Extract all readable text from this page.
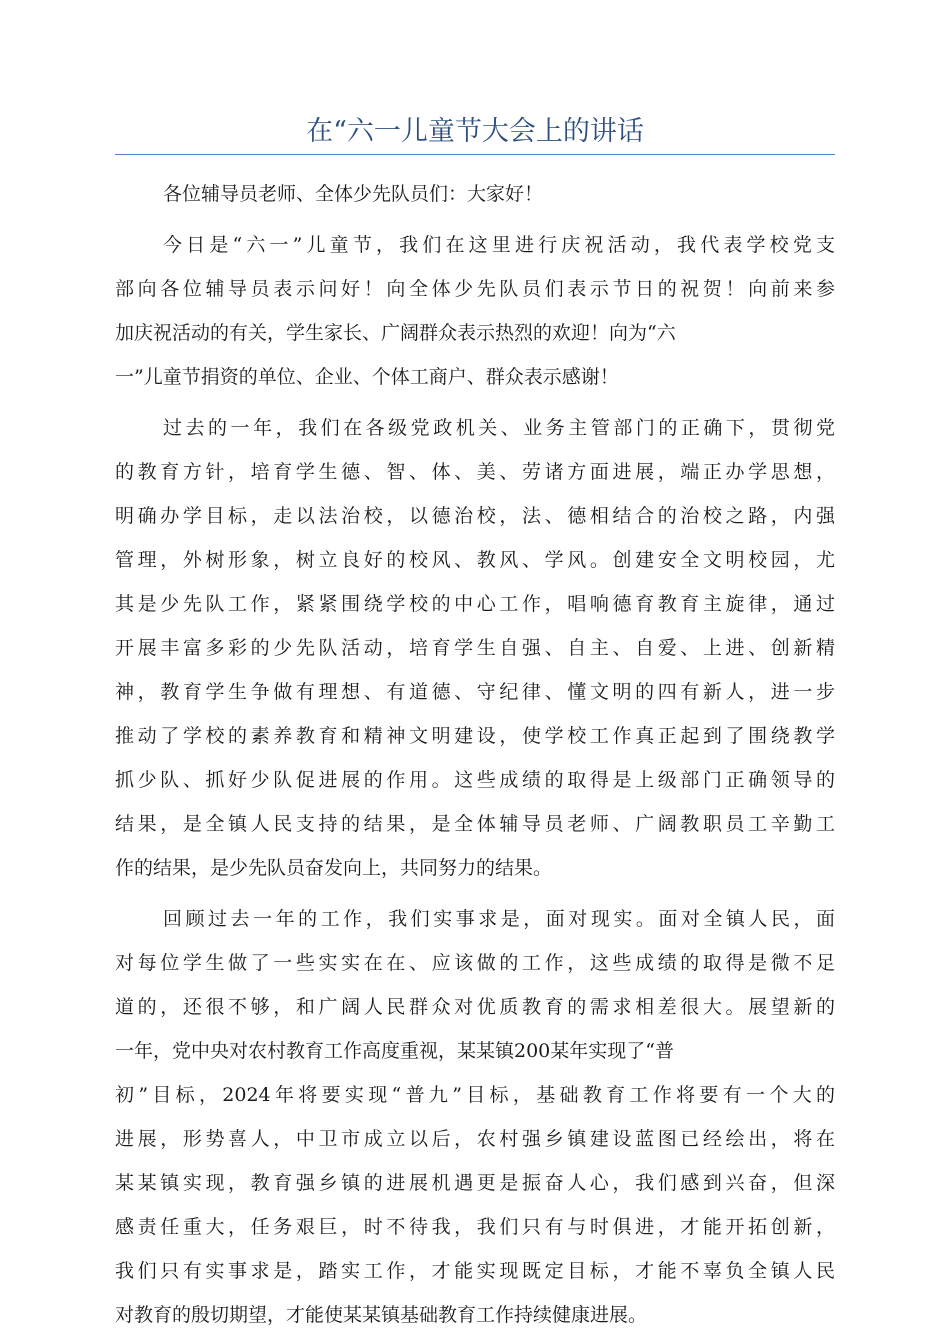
在“六一儿童节大会上的讲话

各位辅导员老师、全体少先队员们：大家好！

今日是“六一”儿童节，我们在这里进行庆祝活动，我代表学校党支
部向各位辅导员表示问好！向全体少先队员们表示节日的祝贺！向前来参
加庆祝活动的有关，学生家长、广阔群众表示热烈的欢迎！向为“六
一”儿童节捐资的单位、企业、个体工商户、群众表示感谢！

过去的一年，我们在各级党政机关、业务主管部门的正确下，贯彻党
的教育方针，培育学生德、智、体、美、劳诸方面进展，端正办学思想，
明确办学目标，走以法治校，以德治校，法、德相结合的治校之路，内强
管理，外树形象，树立良好的校风、教风、学风。创建安全文明校园，尤
其是少先队工作，紧紧围绕学校的中心工作，唱响德育教育主旋律，通过
开展丰富多彩的少先队活动，培育学生自强、自主、自爱、上进、创新精
神，教育学生争做有理想、有道德、守纪律、懂文明的四有新人，进一步
推动了学校的素养教育和精神文明建设，使学校工作真正起到了围绕教学
抓少队、抓好少队促进展的作用。这些成绩的取得是上级部门正确领导的
结果，是全镇人民支持的结果，是全体辅导员老师、广阔教职员工辛勤工
作的结果，是少先队员奋发向上，共同努力的结果。

回顾过去一年的工作，我们实事求是，面对现实。面对全镇人民，面
对每位学生做了一些实实在在、应该做的工作，这些成绩的取得是微不足
道的，还很不够，和广阔人民群众对优质教育的需求相差很大。展望新的
一年，党中央对农村教育工作高度重视，某某镇200某年实现了“普
初”目标，2024年将要实现“普九”目标，基础教育工作将要有一个大的
进展，形势喜人，中卫市成立以后，农村强乡镇建设蓝图已经绘出，将在
某某镇实现，教育强乡镇的进展机遇更是振奋人心，我们感到兴奋，但深
感责任重大，任务艰巨，时不待我，我们只有与时俱进，才能开拓创新，
我们只有实事求是，踏实工作，才能实现既定目标，才能不辜负全镇人民
对教育的殷切期望，才能使某某镇基础教育工作持续健康进展。
